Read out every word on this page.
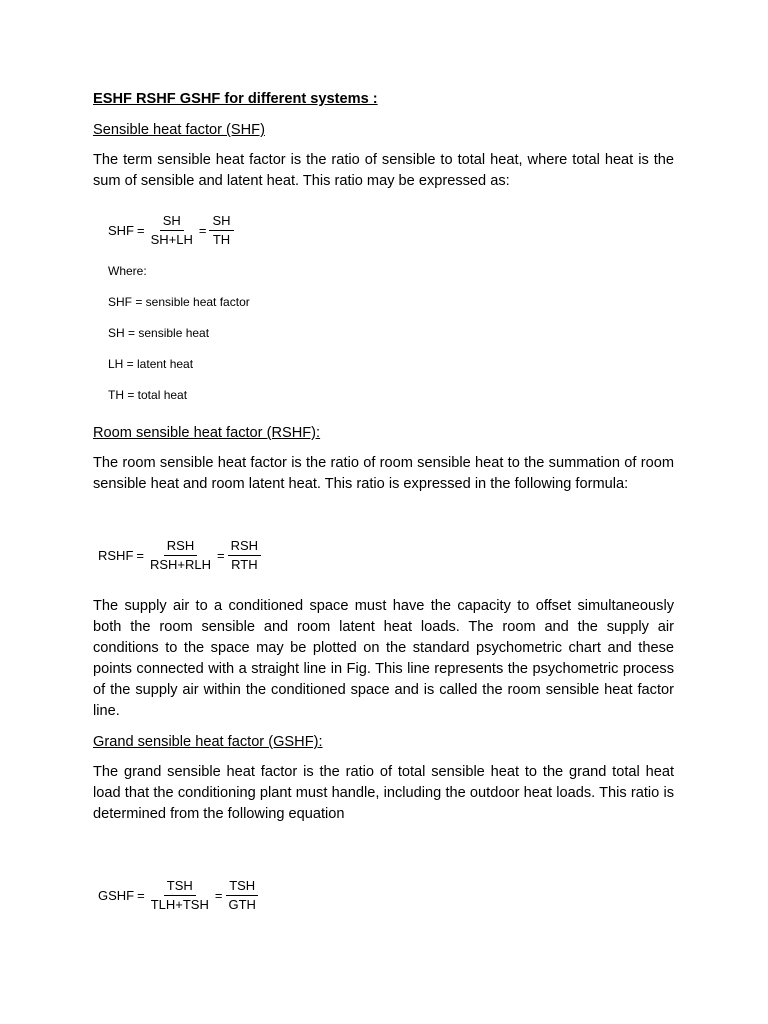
ESHF RSHF GSHF for different systems :
Sensible heat factor (SHF)

The term sensible heat factor is the ratio of sensible to total heat, where total heat is the sum of sensible and latent heat. This ratio may be expressed as:

SHF = $\frac{SH}{SH+LH} = \frac{SH}{TH}$
Where:
SHF = sensible heat factor
SH = sensible heat
LH = latent heat
TH = total heat
Room sensible heat factor (RSHF):

The room sensible heat factor is the ratio of room sensible heat to the summation of room sensible heat and room latent heat. This ratio is expressed in the following formula:

RSHF = $\frac{\text{RSH}}{\text{RSH+RLH}} = \frac{\text{RSH}}{\text{RTH}}$

The supply air to a conditioned space must have the capacity to offset simultaneously both the room sensible and room latent heat loads. The room and the supply air conditions to the space may be plotted on the standard psychometric chart and these points connected with a straight line in Fig. This line represents the psychometric process of the supply air within the conditioned space and is called the room sensible heat factor line.

Grand sensible heat factor (GSHF):

The grand sensible heat factor is the ratio of total sensible heat to the grand total heat load that the conditioning plant must handle, including the outdoor heat loads. This ratio is determined from the following equation

GSHF = $\frac{\text{TSH}}{\text{TLH+TSH}} = \frac{\text{TSH}}{\text{GTH}}$
